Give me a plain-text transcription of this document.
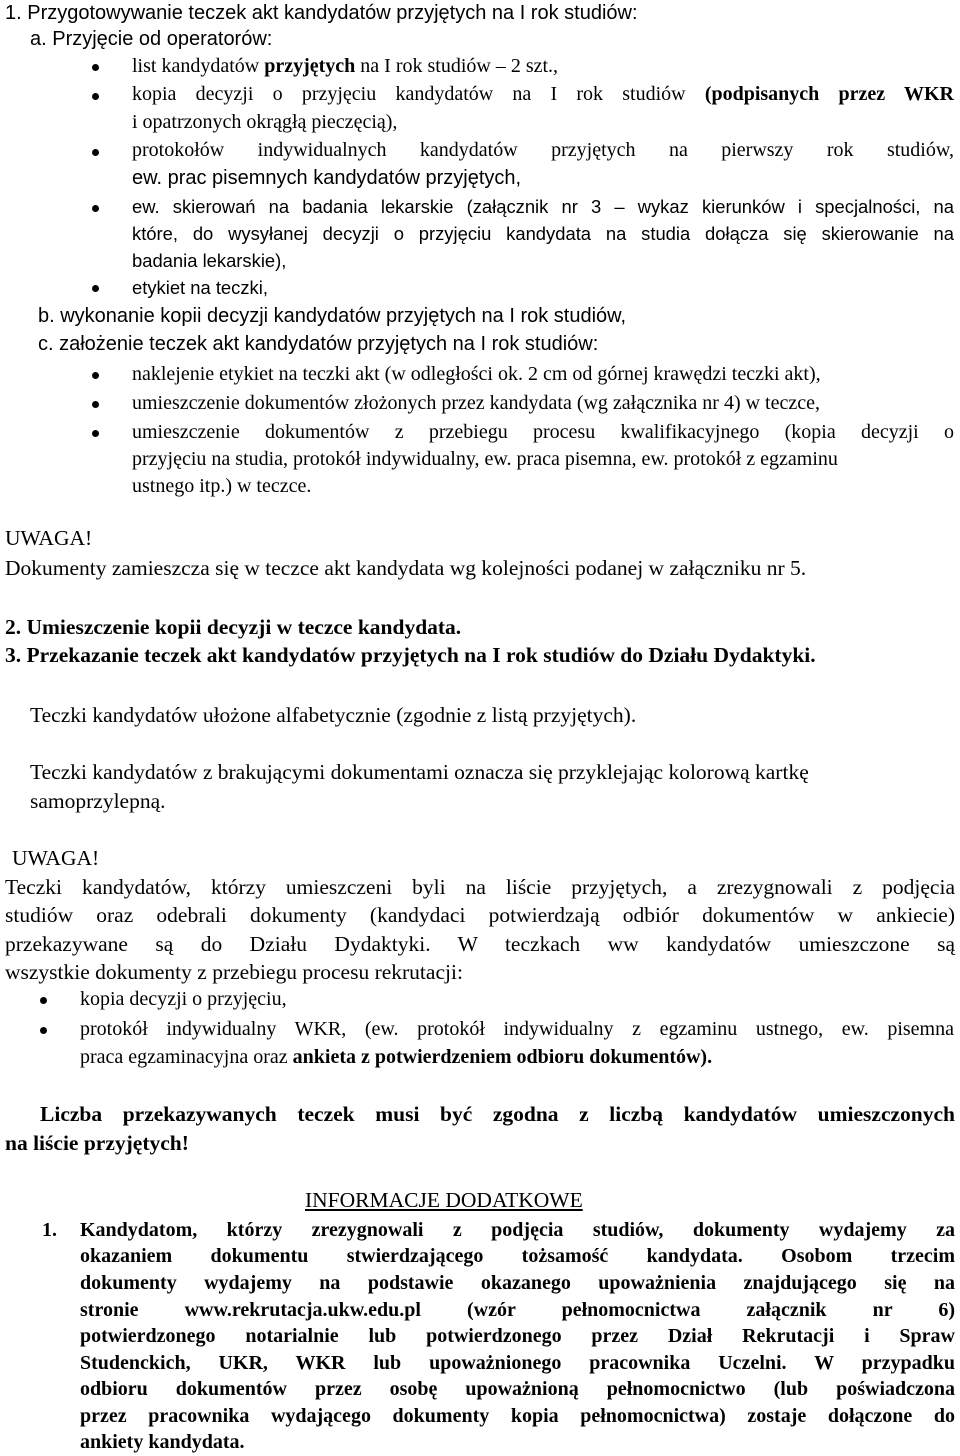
1. Przygotowywanie teczek akt kandydatów przyjętych na I rok studiów:
a. Przyjęcie od operatorów:
list kandydatów przyjętych na I rok studiów – 2 szt.,
kopia decyzji o przyjęciu kandydatów na I rok studiów (podpisanych przez WKR
i opatrzonych okrągłą pieczęcią),
protokołów indywidualnych kandydatów przyjętych na pierwszy rok studiów,
ew. prac pisemnych kandydatów przyjętych,
ew. skierowań na badania lekarskie (załącznik nr 3 – wykaz kierunków i specjalności, na
które, do wysyłanej decyzji o przyjęciu kandydata na studia dołącza się skierowanie na
badania lekarskie),
etykiet na teczki,
b. wykonanie kopii decyzji kandydatów przyjętych na I rok studiów,
c. założenie teczek akt kandydatów przyjętych na I rok studiów:
naklejenie etykiet na teczki akt (w odległości ok. 2 cm od górnej krawędzi teczki akt),
umieszczenie dokumentów złożonych przez kandydata (wg załącznika nr 4) w teczce,
umieszczenie dokumentów z przebiegu procesu kwalifikacyjnego (kopia decyzji o
przyjęciu na studia, protokół indywidualny, ew. praca pisemna, ew. protokół z egzaminu
ustnego itp.) w teczce.
UWAGA!
Dokumenty zamieszcza się w teczce akt kandydata wg kolejności podanej w załączniku nr 5.
2. Umieszczenie kopii decyzji w teczce kandydata.
3. Przekazanie teczek akt kandydatów przyjętych na I rok studiów do Działu Dydaktyki.
Teczki kandydatów ułożone alfabetycznie (zgodnie z listą przyjętych).
Teczki kandydatów z brakującymi dokumentami oznacza się przyklejając kolorową kartkę
samoprzylepną.
UWAGA!
Teczki kandydatów, którzy umieszczeni byli na liście przyjętych, a zrezygnowali z podjęcia
studiów oraz odebrali dokumenty (kandydaci potwierdzają odbiór dokumentów w ankiecie)
przekazywane są do Działu Dydaktyki. W teczkach ww kandydatów umieszczone są
wszystkie dokumenty z przebiegu procesu rekrutacji:
kopia decyzji o przyjęciu,
protokół indywidualny WKR, (ew. protokół indywidualny z egzaminu ustnego, ew. pisemna
praca egzaminacyjna oraz ankieta z potwierdzeniem odbioru dokumentów).
Liczba przekazywanych teczek musi być zgodna z liczbą kandydatów umieszczonych
na liście przyjętych!
INFORMACJE DODATKOWE
1. Kandydatom, którzy zrezygnowali z podjęcia studiów, dokumenty wydajemy za
okazaniem dokumentu stwierdzającego tożsamość kandydata. Osobom trzecim
dokumenty wydajemy na podstawie okazanego upoważnienia znajdującego się na
stronie www.rekrutacja.ukw.edu.pl (wzór pełnomocnictwa załącznik nr 6)
potwierdzonego notarialnie lub potwierdzonego przez Dział Rekrutacji i Spraw
Studenckich, UKR, WKR lub upoważnionego pracownika Uczelni. W przypadku
odbioru dokumentów przez osobę upoważnioną pełnomocnictwo (lub poświadczona
przez pracownika wydającego dokumenty kopia pełnomocnictwa) zostaje dołączone do
ankiety kandydata.
